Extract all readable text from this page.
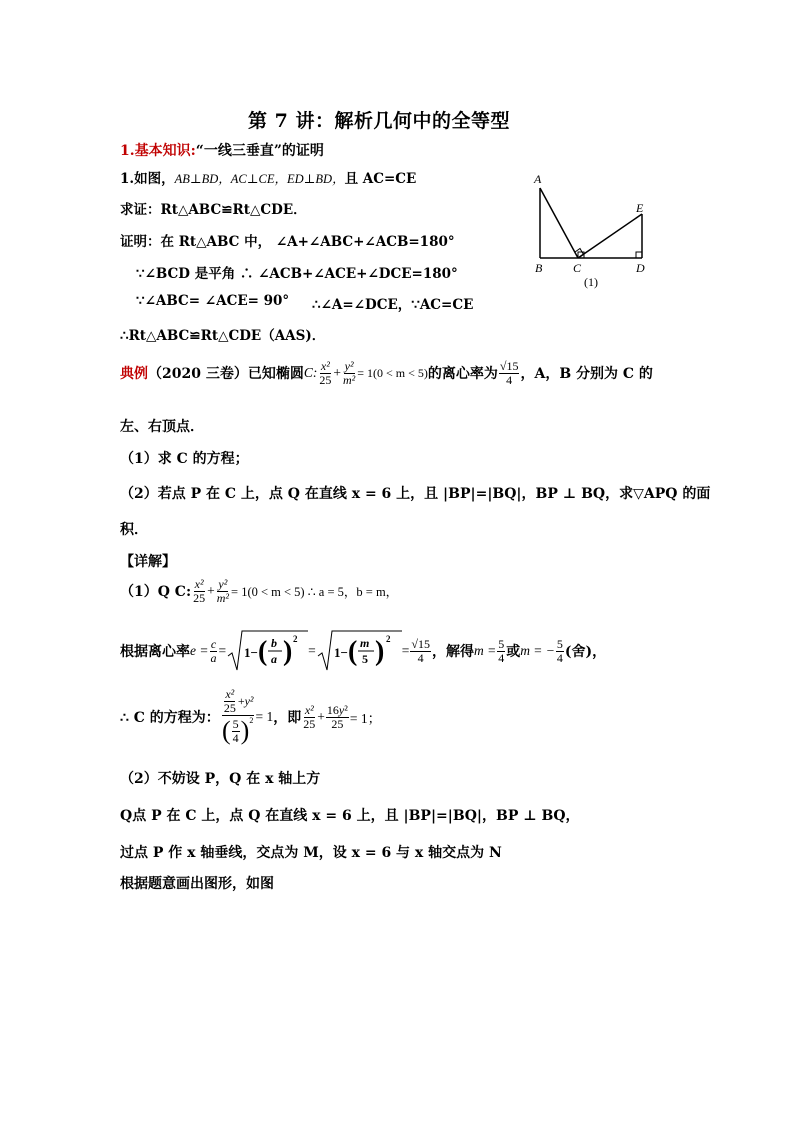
第 7 讲：解析几何中的全等型
1.基本知识:“一线三垂直”的证明
1.如图，AB⊥BD，AC⊥CE，ED⊥BD，且 AC=CE
求证：Rt△ABC≌Rt△CDE．
证明：在 Rt△ABC 中， ∠A+∠ABC+∠ACB=180°
∵∠BCD 是平角 ∴ ∠ACB+∠ACE+∠DCE=180°
∵∠ABC= ∠ACE= 90° ∴∠A=∠DCE，∵AC=CE
∴Rt△ABC≌Rt△CDE（AAS)．
A
E
B	C	D
(1)
典例 （2020 三卷）已知椭圆 C: $\frac{\text{x²}}{25} + \frac{\text{y²}}{\text{m²}} = 1(0 < m < 5)$ 的离心率为 $\frac{√15}{4}$ ，A，B 分别为 C 的
左、右顶点．
（1）求 C 的方程；
（2）若点 P 在 C 上，点 Q 在直线 x = 6 上，且 |BP|=|BQ|，BP ⊥ BQ，求▽APQ 的面
积．
【详解】
（1）Q C: $\frac{\text{x²}}{25} + \frac{\text{y²}}{\text{m²}} = 1(0 < m < 5)$ ∴ a = 5，b = m，
根据离心率 $e = \frac{c}{a} = 1-$ ( b
a ) 2
= 1− ( m
5 ) 2
= $\frac{√15}{4}$ ，解得 $m = \frac{5}{4}$ 或 m = − $\frac{5}{4}$ (舍)，
∴ C 的方程为： $\frac{\frac{\text{x²}}{25} + y^2}{( \frac{5}{4} )^2} = 1$ ，即 $\frac{\text{x²}}{25} + \frac{\text{16y²}}{25} = 1$；
（2）不妨设 P，Q 在 x 轴上方
Q点 P 在 C 上，点 Q 在直线 x = 6 上，且 |BP|=|BQ|，BP ⊥ BQ，
过点 P 作 x 轴垂线，交点为 M，设 x = 6 与 x 轴交点为 N
根据题意画出图形，如图
